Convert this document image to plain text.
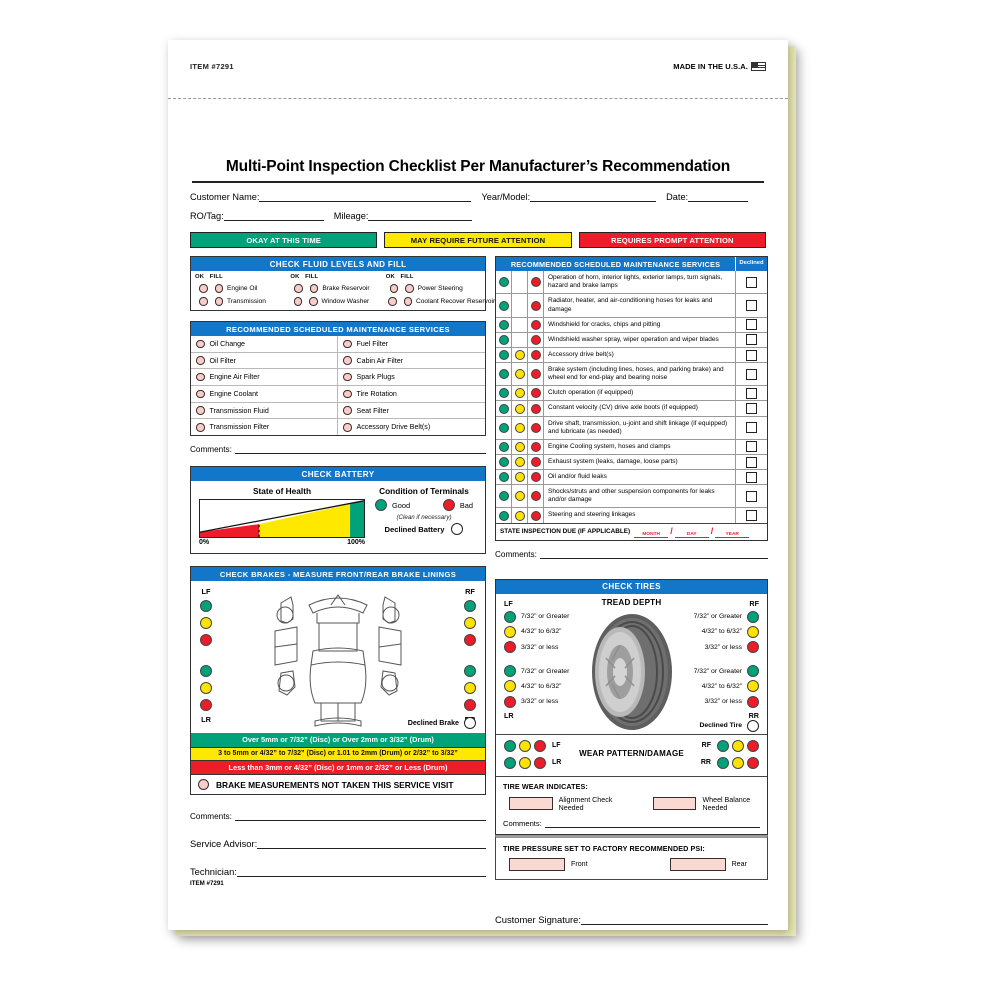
ITEM #7291	MADE IN THE U.S.A.
Multi-Point Inspection Checklist Per Manufacturer’s Recommendation
Customer Name:	Year/Model:	Date:
RO/Tag:	Mileage:
OKAY AT THIS TIME	MAY REQUIRE FUTURE ATTENTION	REQUIRES PROMPT ATTENTION
CHECK FLUID LEVELS AND FILL
OK FILL	OK FILL	OK FILL
Engine Oil	Brake Reservoir	Power Steering
Transmission	Window Washer	Coolant Recover Reservoir
RECOMMENDED SCHEDULED MAINTENANCE SERVICES
Oil Change	Fuel Filter
Oil Filter	Cabin Air Filter
Engine Air Filter	Spark Plugs
Engine Coolant	Tire Rotation
Transmission Fluid	Seat Filter
Transmission Filter	Accessory Drive Belt(s)
Comments:
CHECK BATTERY
State of Health
0%	100%
Condition of Terminals
Good	Bad
(Clean if necessary)
Declined Battery
CHECK BRAKES - MEASURE FRONT/REAR BRAKE LININGS
LF
LR
RF
Declined Brake
Over 5mm or 7/32” (Disc) or Over 2mm or 3/32” (Drum)
3 to 5mm or 4/32” to 7/32” (Disc) or 1.01 to 2mm (Drum) or 2/32” to 3/32”
Less than 3mm or 4/32” (Disc) or 1mm or 2/32” or Less (Drum)
BRAKE MEASUREMENTS NOT TAKEN THIS SERVICE VISIT
Comments:
Service Advisor:
Technician:
ITEM #7291
RECOMMENDED SCHEDULED MAINTENANCE SERVICES	Declined
Operation of horn, interior lights, exterior lamps, turn signals, hazard and brake lamps
Radiator, heater, and air-conditioning hoses for leaks and damage
Windshield for cracks, chips and pitting
Windshield washer spray, wiper operation and wiper blades
Accessory drive belt(s)
Brake system (including lines, hoses, and parking brake) and wheel end for end-play and bearing noise
Clutch operation (if equipped)
Constant velocity (CV) drive axle boots (if equipped)
Drive shaft, transmission, u-joint and shift linkage (if equipped) and lubricate (as needed)
Engine Cooling system, hoses and clamps
Exhaust system (leaks, damage, loose parts)
Oil and/or fluid leaks
Shocks/struts and other suspension components for leaks and/or damage
Steering and steering linkages
STATE INSPECTION DUE (IF APPLICABLE)	MONTH	/	DAY	/	YEAR
Comments:
CHECK TIRES
TREAD DEPTH
LF
7/32” or Greater
4/32” to 6/32”
3/32” or less
7/32” or Greater
4/32” to 6/32”
3/32” or less
LR
RF
7/32” or Greater
4/32” to 6/32”
3/32” or less
7/32” or Greater
4/32” to 6/32”
3/32” or less
RR
Declined Tire
WEAR PATTERN/DAMAGE
LF
LR
RF
RR
TIRE WEAR INDICATES:
Alignment Check Needed
Wheel Balance Needed
Comments:
TIRE PRESSURE SET TO FACTORY RECOMMENDED PSI:
Front	Rear
Customer Signature:
